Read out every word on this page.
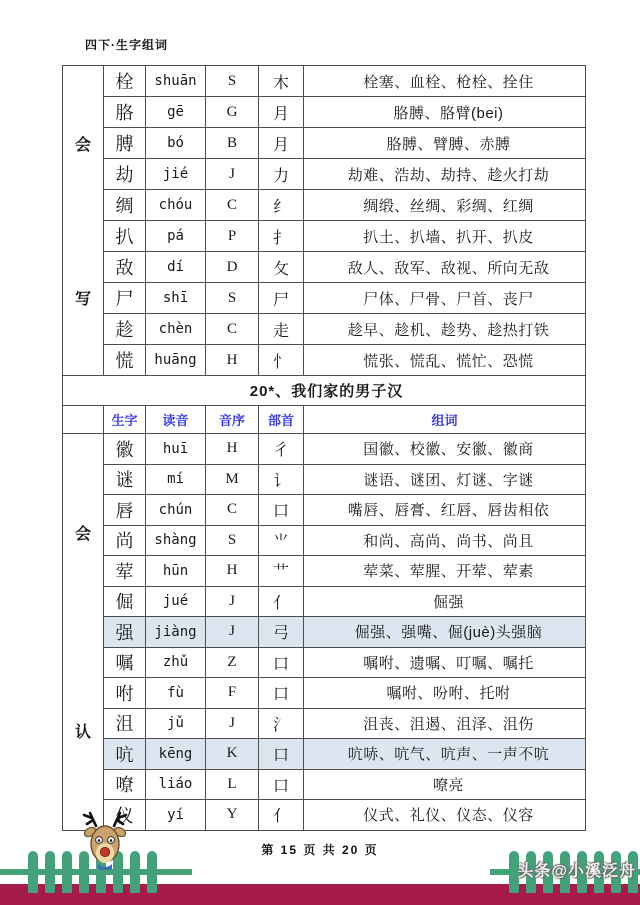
四下·生字组词
会
写	栓	shuān	S	木	栓塞、血栓、枪栓、拴住
	胳	gē	G	月	胳膊、胳臂(bei)
	膊	bó	B	月	胳膊、臂膊、赤膊
	劫	jié	J	力	劫难、浩劫、劫持、趁火打劫
	绸	chóu	C	纟	绸缎、丝绸、彩绸、红绸
	扒	pá	P	扌	扒土、扒墙、扒开、扒皮
	敌	dí	D	攵	敌人、敌军、敌视、所向无敌
	尸	shī	S	尸	尸体、尸骨、尸首、丧尸
	趁	chèn	C	走	趁早、趁机、趁势、趁热打铁
	慌	huāng	H	忄	慌张、慌乱、慌忙、恐慌
20*、我们家的男子汉					
	生字	读音	音序	部首	组词

会
认	徽	huī	H	彳	国徽、校徽、安徽、徽商
	谜	mí	M	讠	谜语、谜团、灯谜、字谜
	唇	chún	C	口	嘴唇、唇膏、红唇、唇齿相依
	尚	shàng	S	⺌	和尚、高尚、尚书、尚且
	荤	hūn	H	艹	荤菜、荤腥、开荤、荤素
	倔	jué	J	亻	倔强
	强	jiàng	J	弓	倔强、强嘴、倔(juè)头强脑
	嘱	zhǔ	Z	口	嘱咐、遗嘱、叮嘱、嘱托
	咐	fù	F	口	嘱咐、吩咐、托咐
	沮	jǔ	J	氵	沮丧、沮遏、沮泽、沮伤
	吭	kēng	K	口	吭哧、吭气、吭声、一声不吭
	嘹	liáo	L	口	嘹亮
	仪	yí	Y	亻	仪式、礼仪、仪态、仪容
第 15 页 共 20 页
头条@小溪泛舟
